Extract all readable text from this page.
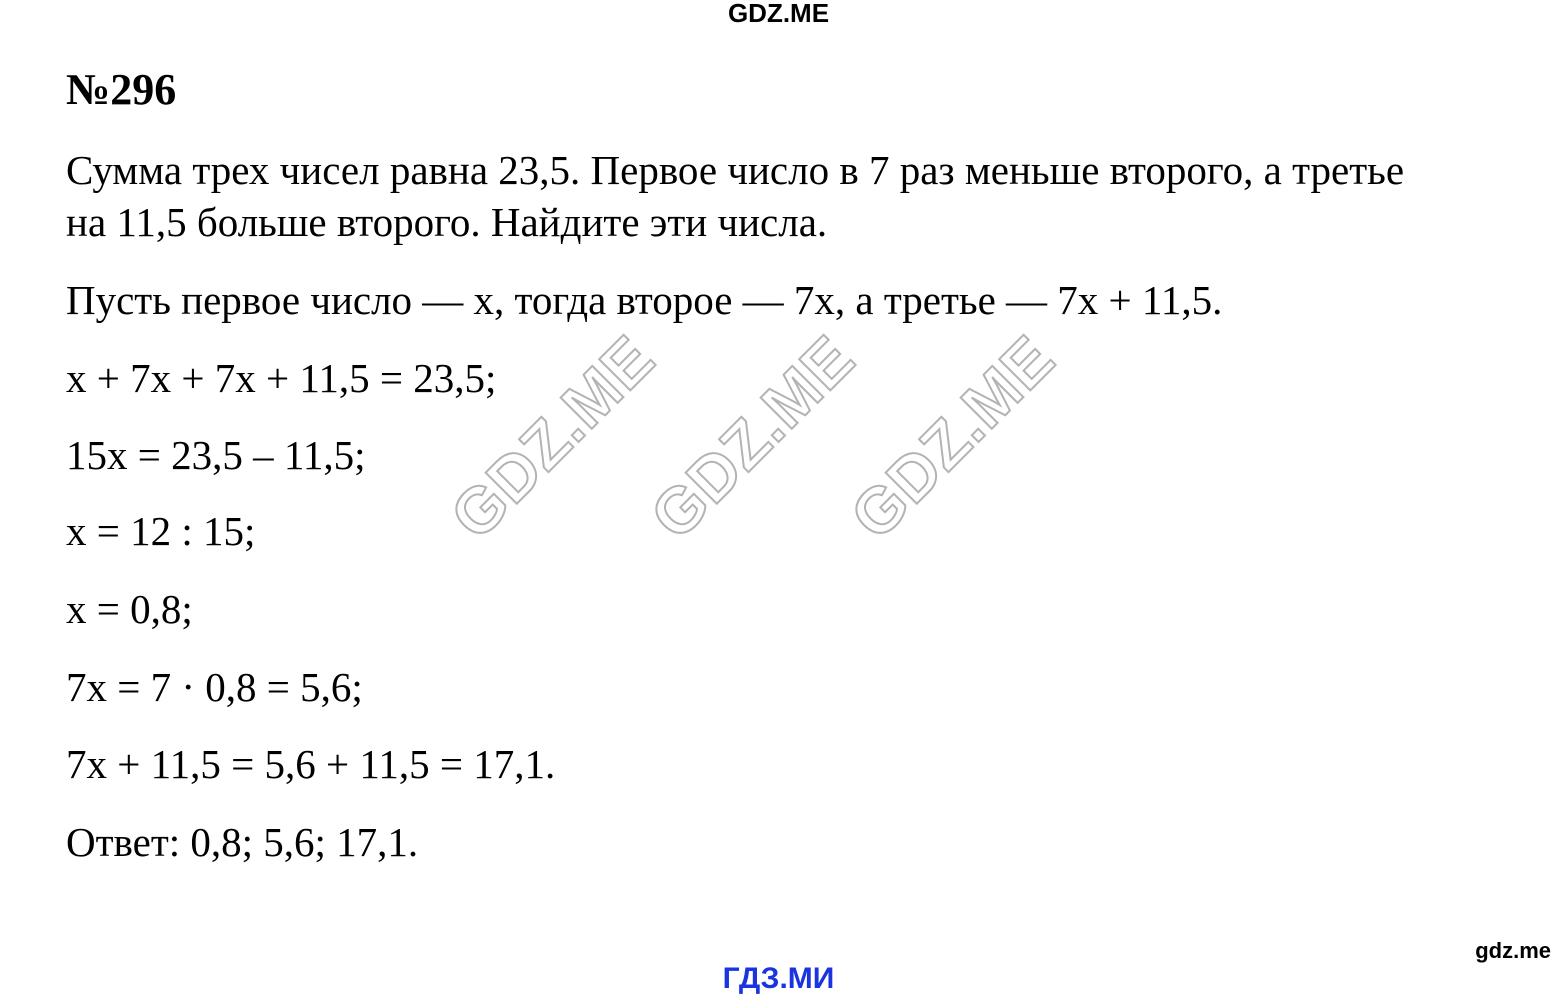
GDZ.ME
№296
Сумма трех чисел равна 23,5. Первое число в 7 раз меньше второго, а третье
на 11,5 больше второго. Найдите эти числа.
Пусть первое число — x, тогда второе — 7x, а третье — 7x + 11,5.
x + 7x + 7x + 11,5 = 23,5;
15x = 23,5 – 11,5;
x = 12 : 15;
x = 0,8;
7x = 7 · 0,8 = 5,6;
7x + 11,5 = 5,6 + 11,5 = 17,1.
Ответ: 0,8; 5,6; 17,1.
GDZ.ME
GDZ.ME
GDZ.ME
gdz.me
ГДЗ.МИ
